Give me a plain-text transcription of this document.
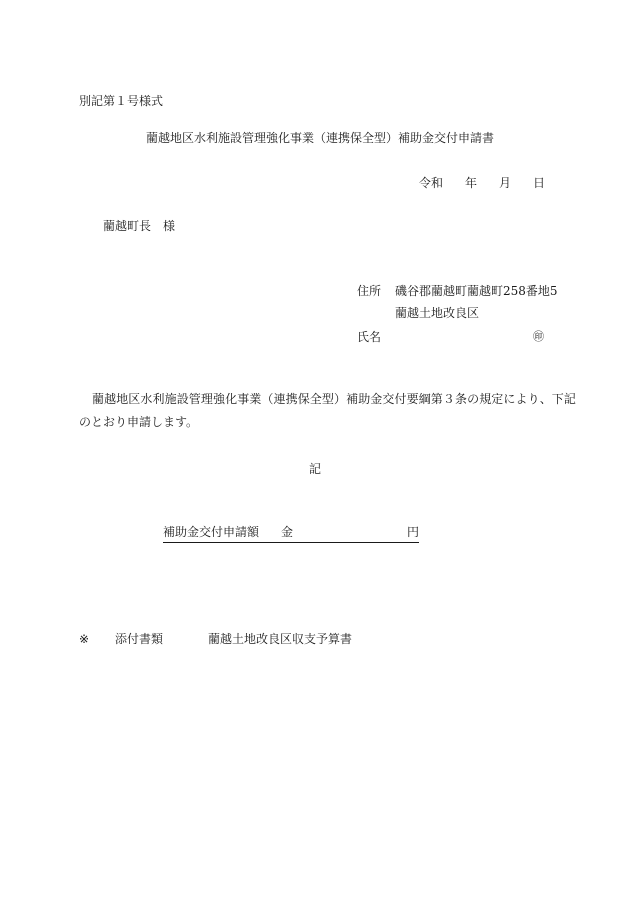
別記第１号様式
藺越地区水利施設管理強化事業（連携保全型）補助金交付申請書
令和 年 月 日
藺越町長 様
住所 磯谷郡藺越町藺越町258番地5
藺越土地改良区
氏名	㊞
藺越地区水利施設管理強化事業（連携保全型）補助金交付要綱第３条の規定により、下記
のとおり申請します。
記
補助金交付申請額 金	円
※ 添付書類	藺越土地改良区収支予算書
